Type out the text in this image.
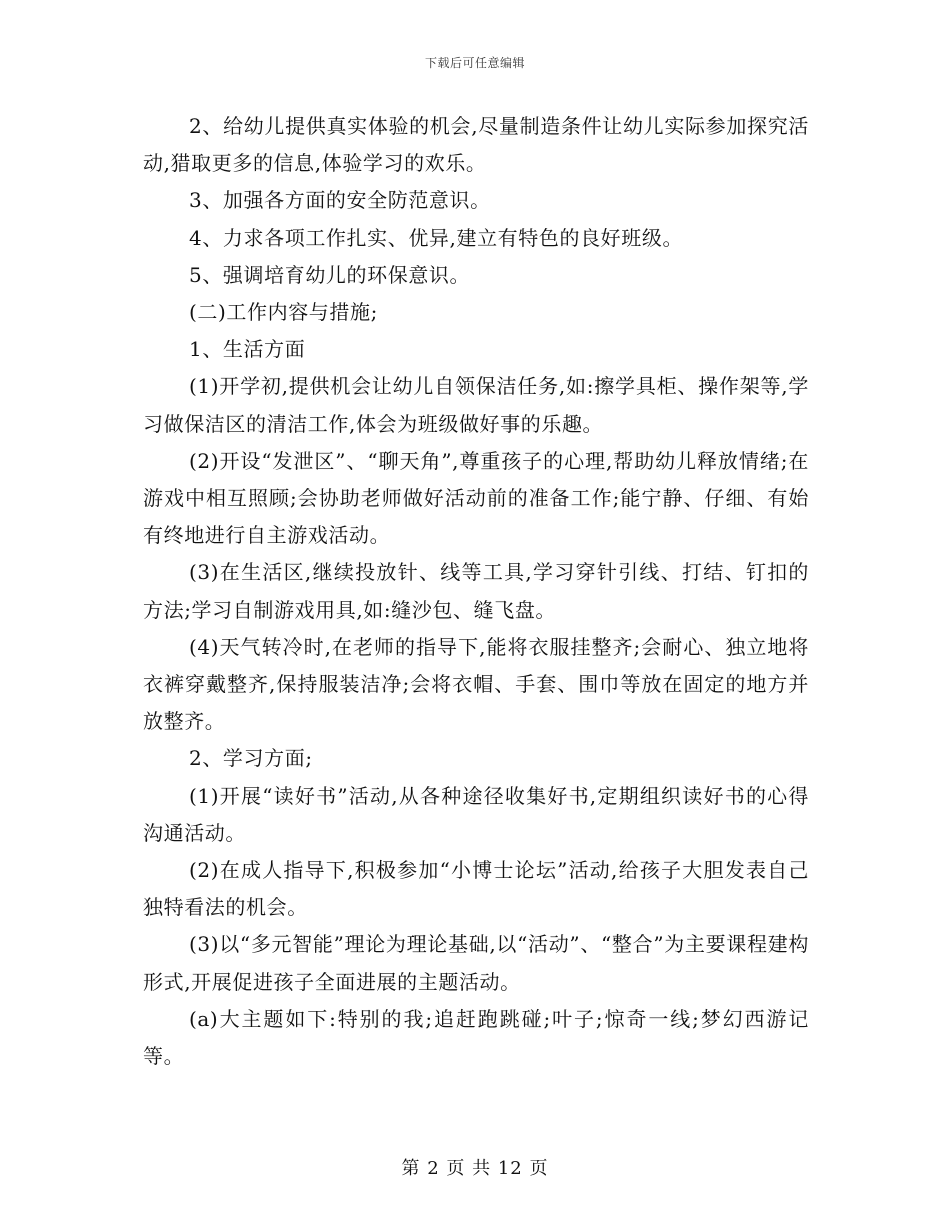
下载后可任意编辑

2、给幼儿提供真实体验的机会,尽量制造条件让幼儿实际参加探究活动,猎取更多的信息,体验学习的欢乐。

3、加强各方面的安全防范意识。

4、力求各项工作扎实、优异,建立有特色的良好班级。

5、强调培育幼儿的环保意识。

(二)工作内容与措施;

1、生活方面

(1)开学初,提供机会让幼儿自领保洁任务,如:擦学具柜、操作架等,学习做保洁区的清洁工作,体会为班级做好事的乐趣。

(2)开设“发泄区”、“聊天角”,尊重孩子的心理,帮助幼儿释放情绪;在游戏中相互照顾;会协助老师做好活动前的准备工作;能宁静、仔细、有始有终地进行自主游戏活动。

(3)在生活区,继续投放针、线等工具,学习穿针引线、打结、钉扣的方法;学习自制游戏用具,如:缝沙包、缝飞盘。

(4)天气转冷时,在老师的指导下,能将衣服挂整齐;会耐心、独立地将衣裤穿戴整齐,保持服装洁净;会将衣帽、手套、围巾等放在固定的地方并放整齐。

2、学习方面;

(1)开展“读好书”活动,从各种途径收集好书,定期组织读好书的心得沟通活动。

(2)在成人指导下,积极参加“小博士论坛”活动,给孩子大胆发表自己独特看法的机会。

(3)以“多元智能”理论为理论基础,以“活动”、“整合”为主要课程建构形式,开展促进孩子全面进展的主题活动。

(a)大主题如下:特别的我;追赶跑跳碰;叶子;惊奇一线;梦幻西游记等。

第 2 页 共 12 页
